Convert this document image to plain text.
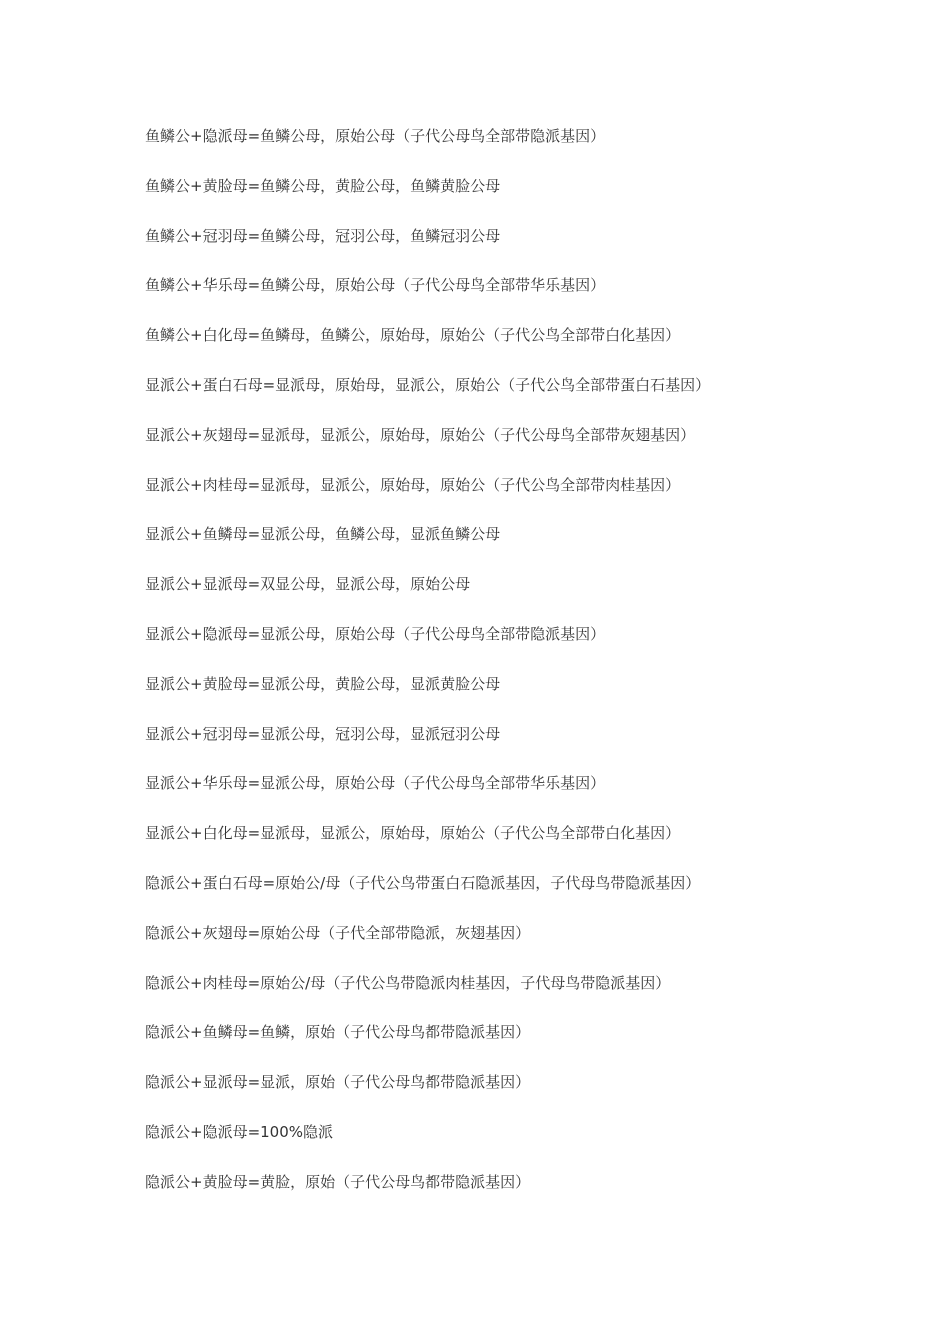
鱼鳞公+隐派母=鱼鳞公母，原始公母（子代公母鸟全部带隐派基因）
鱼鳞公+黄脸母=鱼鳞公母，黄脸公母，鱼鳞黄脸公母
鱼鳞公+冠羽母=鱼鳞公母，冠羽公母，鱼鳞冠羽公母
鱼鳞公+华乐母=鱼鳞公母，原始公母（子代公母鸟全部带华乐基因）
鱼鳞公+白化母=鱼鳞母，鱼鳞公，原始母，原始公（子代公鸟全部带白化基因）
显派公+蛋白石母=显派母，原始母，显派公，原始公（子代公鸟全部带蛋白石基因）
显派公+灰翅母=显派母，显派公，原始母，原始公（子代公母鸟全部带灰翅基因）
显派公+肉桂母=显派母，显派公，原始母，原始公（子代公鸟全部带肉桂基因）
显派公+鱼鳞母=显派公母，鱼鳞公母，显派鱼鳞公母
显派公+显派母=双显公母，显派公母，原始公母
显派公+隐派母=显派公母，原始公母（子代公母鸟全部带隐派基因）
显派公+黄脸母=显派公母，黄脸公母，显派黄脸公母
显派公+冠羽母=显派公母，冠羽公母，显派冠羽公母
显派公+华乐母=显派公母，原始公母（子代公母鸟全部带华乐基因）
显派公+白化母=显派母，显派公，原始母，原始公（子代公鸟全部带白化基因）
隐派公+蛋白石母=原始公/母（子代公鸟带蛋白石隐派基因，子代母鸟带隐派基因）
隐派公+灰翅母=原始公母（子代全部带隐派，灰翅基因）
隐派公+肉桂母=原始公/母（子代公鸟带隐派肉桂基因，子代母鸟带隐派基因）
隐派公+鱼鳞母=鱼鳞，原始（子代公母鸟都带隐派基因）
隐派公+显派母=显派，原始（子代公母鸟都带隐派基因）
隐派公+隐派母=100%隐派
隐派公+黄脸母=黄脸，原始（子代公母鸟都带隐派基因）
